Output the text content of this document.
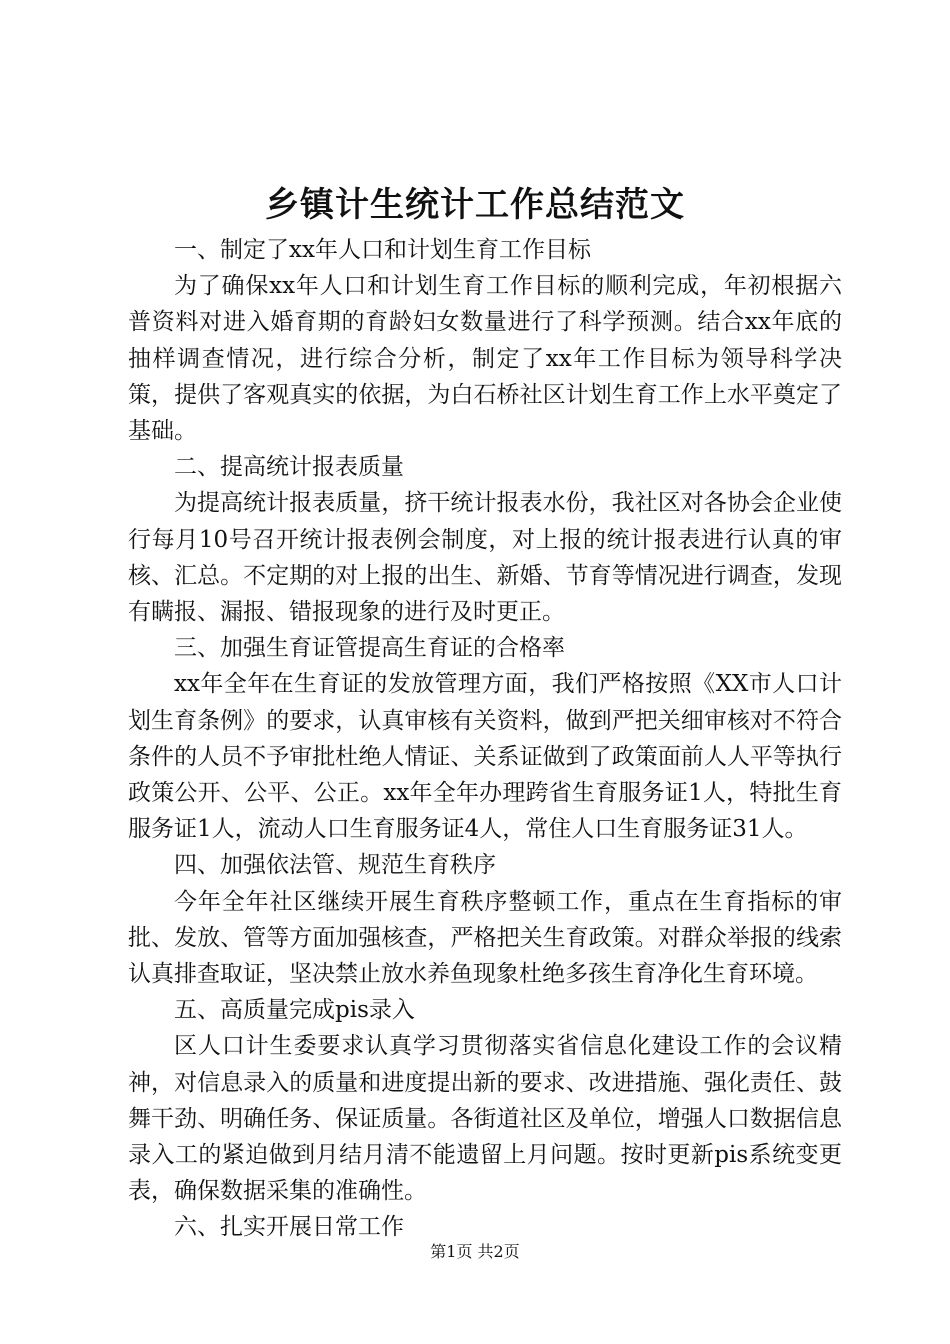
乡镇计生统计工作总结范文

一、制定了xx年人口和计划生育工作目标

为了确保xx年人口和计划生育工作目标的顺利完成，年初根据六普资料对进入婚育期的育龄妇女数量进行了科学预测。结合xx年底的抽样调查情况，进行综合分析，制定了xx年工作目标为领导科学决策，提供了客观真实的依据，为白石桥社区计划生育工作上水平奠定了基础。

二、提高统计报表质量

为提高统计报表质量，挤干统计报表水份，我社区对各协会企业使行每月10号召开统计报表例会制度，对上报的统计报表进行认真的审核、汇总。不定期的对上报的出生、新婚、节育等情况进行调查，发现有瞒报、漏报、错报现象的进行及时更正。

三、加强生育证管提高生育证的合格率

xx年全年在生育证的发放管理方面，我们严格按照《XX市人口计划生育条例》的要求，认真审核有关资料，做到严把关细审核对不符合条件的人员不予审批杜绝人情证、关系证做到了政策面前人人平等执行政策公开、公平、公正。xx年全年办理跨省生育服务证1人，特批生育服务证1人，流动人口生育服务证4人，常住人口生育服务证31人。

四、加强依法管、规范生育秩序

今年全年社区继续开展生育秩序整顿工作，重点在生育指标的审批、发放、管等方面加强核查，严格把关生育政策。对群众举报的线索认真排查取证，坚决禁止放水养鱼现象杜绝多孩生育净化生育环境。

五、高质量完成pis录入

区人口计生委要求认真学习贯彻落实省信息化建设工作的会议精神，对信息录入的质量和进度提出新的要求、改进措施、强化责任、鼓舞干劲、明确任务、保证质量。各街道社区及单位，增强人口数据信息录入工的紧迫做到月结月清不能遗留上月问题。按时更新pis系统变更表，确保数据采集的准确性。

六、扎实开展日常工作

第1页 共2页
